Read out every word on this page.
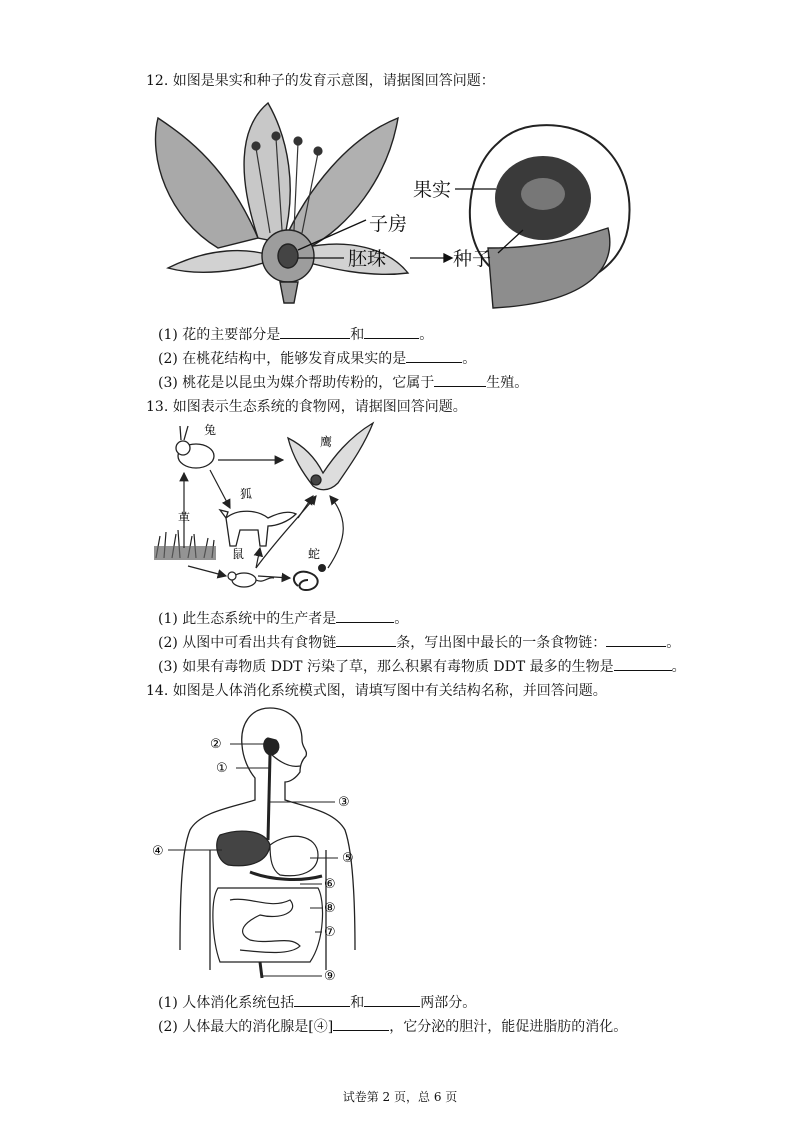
12. 如图是果实和种子的发育示意图，请据图回答问题：
果实
子房
胚珠	种子
(1) 花的主要部分是	和	。
(2) 在桃花结构中，能够发育成果实的是	。
(3) 桃花是以昆虫为媒介帮助传粉的，它属于	生殖。
13. 如图表示生态系统的食物网，请据图回答问题。
兔
鹰
狐
草
鼠	蛇
(1) 此生态系统中的生产者是	。
(2) 从图中可看出共有食物链	条，写出图中最长的一条食物链：	。
(3) 如果有毒物质 DDT 污染了草，那么积累有毒物质 DDT 最多的生物是	。
14. 如图是人体消化系统模式图，请填写图中有关结构名称，并回答问题。
②
①
③
④	⑤
⑥
⑧
⑦
⑨
(1) 人体消化系统包括	和	两部分。
(2) 人体最大的消化腺是[④]	，它分泌的胆汁，能促进脂肪的消化。
试卷第 2 页，总 6 页
